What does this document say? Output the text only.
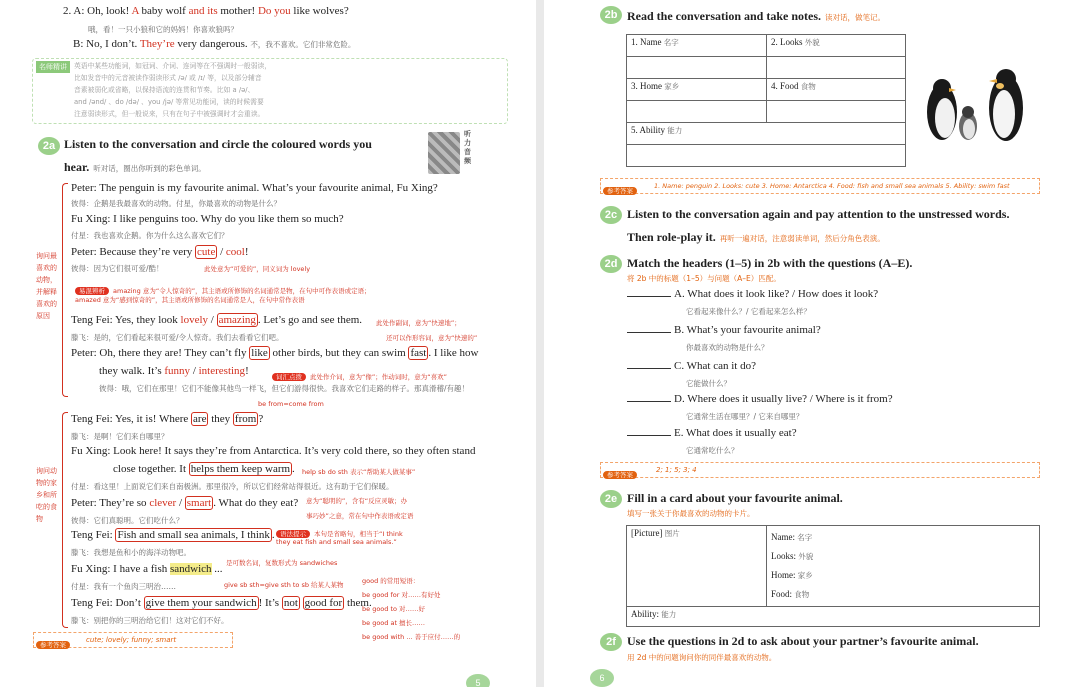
2. A: Oh, look! A baby wolf and its mother! Do you like wolves?
哦，看！一只小狼和它的妈妈！你喜欢狼吗？
B: No, I don’t. They’re very dangerous. 不，我不喜欢。它们非常危险。
名师精讲	英语中某些功能词，如冠词、介词、连词等在不强调时一般弱读，
比如发音中的元音被读作弱读形式 /ə/ 或 /ɪ/ 等，以及部分辅音
音素被弱化或省略，以保持语流的连贯和节奏。比如 a /ə/、
and /ənd/ 、do /də/ 、you /jə/ 等常见功能词，读的时候需要
注意弱读形式，但一般说来，只有在句子中被强调时才会重读。
2a Listen to the conversation and circle the coloured words you
hear. 听对话，圈出你听到的彩色单词。
听力音频
询问最喜欢的动物，并解释喜欢的原因
询问动物的家乡和所吃的食物
Peter: The penguin is my favourite animal. What’s your favourite animal, Fu Xing?
彼得：企鹅是我最喜欢的动物。付星，你最喜欢的动物是什么？
Fu Xing: I like penguins too. Why do you like them so much?
付星：我也喜欢企鹅。你为什么这么喜欢它们？
Peter: Because they’re very cute / cool!
彼得：因为它们很可爱/酷！	此处意为“可爱的”，同义词为 lovely
易混辨析 amazing 意为“令人惊奇的”，其主语或所修饰的名词通常是物，在句中可作表语或定语；
amazed 意为“感到惊奇的”，其主语或所修饰的名词通常是人，在句中常作表语
Teng Fei: Yes, they look lovely / amazing . Let’s go and see them. 此处作副词，意为“快速地”；
还可以作形容词，意为“快速的”
滕飞：是的，它们看起来很可爱/令人惊奇。我们去看看它们吧。
Peter: Oh, there they are! They can’t fly like other birds, but they can swim fast . I like how
they walk. It’s funny / interesting!	词汇点拨 此处作介词，意为“像”；作动词时，意为“喜欢”
彼得：哦，它们在那里！它们不能像其他鸟一样飞，但它们游得很快。我喜欢它们走路的样子。那真滑稽/有趣！
Teng Fei: Yes, it is! Where are they from ?
be from=come from
滕飞：是啊！它们来自哪里？
Fu Xing: Look here! It says they’re from Antarctica. It’s very cold there, so they often stand
close together. It helps them keep warm . help sb do sth 表示“帮助某人做某事”
付星：看这里！上面说它们来自南极洲。那里很冷，所以它们经常站得很近。这有助于它们保暖。
Peter: They’re so clever / smart . What do they eat? 意为“聪明的”，含有“反应灵敏；办
事巧妙”之意，常在句中作表语或定语
彼得：它们真聪明。它们吃什么？
语法提示 本句是省略句，相当于“I think
they eat fish and small sea animals.”
Teng Fei: Fish and small sea animals, I think .
滕飞：我想是鱼和小的海洋动物吧。
Fu Xing: I have a fish sandwich ... 是可数名词，复数形式为 sandwiches
付星：我有一个鱼肉三明治……	give sb sth=give sth to sb 给某人某物
Teng Fei: Don’t give them your sandwich ! It’s not good for them.
滕飞：别把你的三明治给它们！这对它们不好。
good 的常用短语：
be good for 对……有好处
be good to 对……好
be good at 擅长……
be good with ... 善于应付……的
参考答案
cute; lovely; funny; smart
5
2b Read the conversation and take notes. 读对话，做笔记。
1. Name 名字	2. Looks 外貌

3. Home 家乡	4. Food 食物

5. Ability 能力	

参考答案
1. Name: penguin 2. Looks: cute 3. Home: Antarctica 4. Food: fish and small sea animals 5. Ability: swim fast
2c Listen to the conversation again and pay attention to the unstressed words.
Then role-play it. 再听一遍对话，注意弱读单词，然后分角色表演。
2d Match the headers (1–5) in 2b with the questions (A–E).
将 2b 中的标题（1–5）与问题（A–E）匹配。
A. What does it look like? / How does it look?
它看起来像什么？/ 它看起来怎么样？
B. What’s your favourite animal?
你最喜欢的动物是什么？
C. What can it do?
它能做什么？
D. Where does it usually live? / Where is it from?
它通常生活在哪里？/ 它来自哪里？
E. What does it usually eat?
它通常吃什么？
参考答案
2; 1; 5; 3; 4
2e Fill in a card about your favourite animal.
填写一张关于你最喜欢的动物的卡片。
[Picture] 图片	Name: 名字
Looks: 外貌
Home: 家乡
Food: 食物

Ability: 能力
2f Use the questions in 2d to ask about your partner’s favourite animal.
用 2d 中的问题询问你的同伴最喜欢的动物。
6
